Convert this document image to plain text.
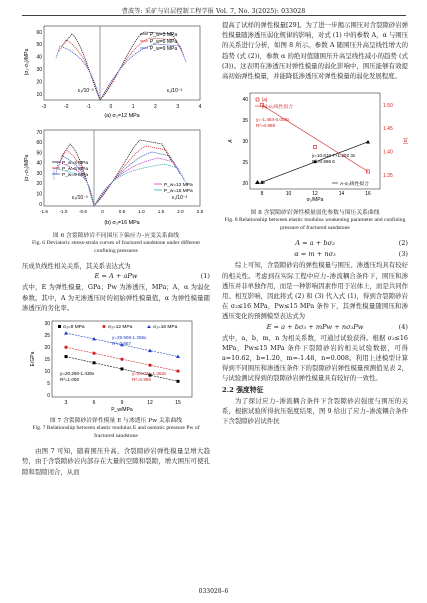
曹波等: 采矿与岩层控制工程学报 Vol. 7, No. 3(2025): 033028
-3	-2	-1	0	1	2	3	4
60
50
40
30
20
10
(σ₁-σ₃)/MPa
ε₃/10⁻³	ε₁/10⁻³
P_w=3 MPa
P_w=6 MPa
P_w=9 MPa
(a) σ₃=12 MPa

-1.5	-1.0	-0.5	0	0.5	1.0	1.5	2.0	2.5
70
60
50
40
30
20
10
0
(σ₁-σ₃)/MPa
ε₃/10⁻³	ε₁/10⁻³
P_w=3 MPa
P_w=6 MPa
P_w=9 MPa
P_w=12 MPa
P_w=15 MPa
(b) σ₃=16 MPa
图 6 含裂隙砂岩不同围压下偏应力–应变关系曲线
Fig. 6 Deviatoric stress-strain curves of fractured sandstone under different confining pressures

压成负线性相关关系，其关系表达式为

E = A + aPw	(1)

式中，E 为弹性模量，GPa；Pw 为渗透压，MPa；A，α 为弱化参数。其中，A 为无渗透压时的初始弹性模量值，α 为弹性模量随渗透压的劣化率。

3	6	9	12	15
30
25
20
15
10
5
0
E/GPa
P_w/MPa
σ₃=8 MPa	σ₃=12 MPa	σ₃=16 MPa
y=29.908-1.355x
R²=0.957
y=20.290-1.430x
R²=1.000
y=24.031-1.383x
R²=0.996
图 7 含裂隙砂岩弹性模量 E 与渗透压 Pw 关系曲线
Fig. 7 Relationship between elastic modulus E and osmotic pressure Pw of fractured sandstone

由图 7 可知，随着围压升高，含裂隙砂岩弹性模量呈增大趋势，由于含裂隙砂岩内部存在大量的空隙和裂隙，增大围压可使孔隙和裂隙闭合，从而

提高了试样的弹性模量[29]。为了进一步揭示围压对含裂隙砂岩弹性模量随渗透压弱化规律的影响，对式 (1) 中的参数 A，α 与围压的关系进行分析，如图 8 所示。参数 A 随围压升高呈线性增大的趋势 (式 (2))，参数 α 的绝对值随围压升高呈线性减小的趋势 (式 (3))。这表明在渗透压对弹性模量的弱化影响中，围压能够有效提高初始弹性模量，并能降低渗透压对弹性模量的弱化发展程度。

8	10	12	14	16
40
35
30
25
20
1.50
1.45
1.40
1.35
A	|α|
σ₃/MPa
[a]
[a]-σ₃线性拟合
A	A-σ₃线性拟合
y=-1.484-0.008x
R²=0.998
y=10.616 7+1.202 3x
R²=0.996 6
图 8 含裂隙砂岩弹性模量弱化参数与围压关系曲线
Fig. 8 Relationship between elastic modulus weakening parameter and confining pressure of fractured sandstone
A = a + bσ₃	(2)
α = m + nσ₃	(3)

综上可知，含裂隙砂岩的弹性模量与围压、渗透压均具有较好的相关性。考虑到在实际工程中应力–渗流耦合条件下，围压和渗透压并非单独作用，而是一种影响因素作用于岩体上，而是共同作用、相互影响，因此将式 (2) 和 (3) 代入式 (1)，得到含裂隙砂岩在 σ₃≤16 MPa，Pw≤15 MPa 条件下，其弹性模量随围压和渗透压变化的预测模型表达式为

E = a + bσ₃ + mPw + nσ₃Pw	(4)

式中，a，b，m，n 为相关系数，可通过试验获得。根据 σ₃≤16 MPa，Pw≤15 MPa 条件下裂隙砂岩的相关试验数据，可得 a=10.62，b=1.20，m=-1.48，n=0.008。利用上述模型计算得到不同围压和渗透压条件下的裂隙砂岩弹性模量预测值见表 2，与试验测试得到的裂隙砂岩弹性模量具有较好的一致性。

2.2 强度特征

为了探讨应力–渗流耦合条件下含裂隙砂岩强度与围压的关系，根据试验所得抗压强度结果，图 9 给出了应力–渗流耦合条件下含裂隙砂岩试件抗

033028–6
